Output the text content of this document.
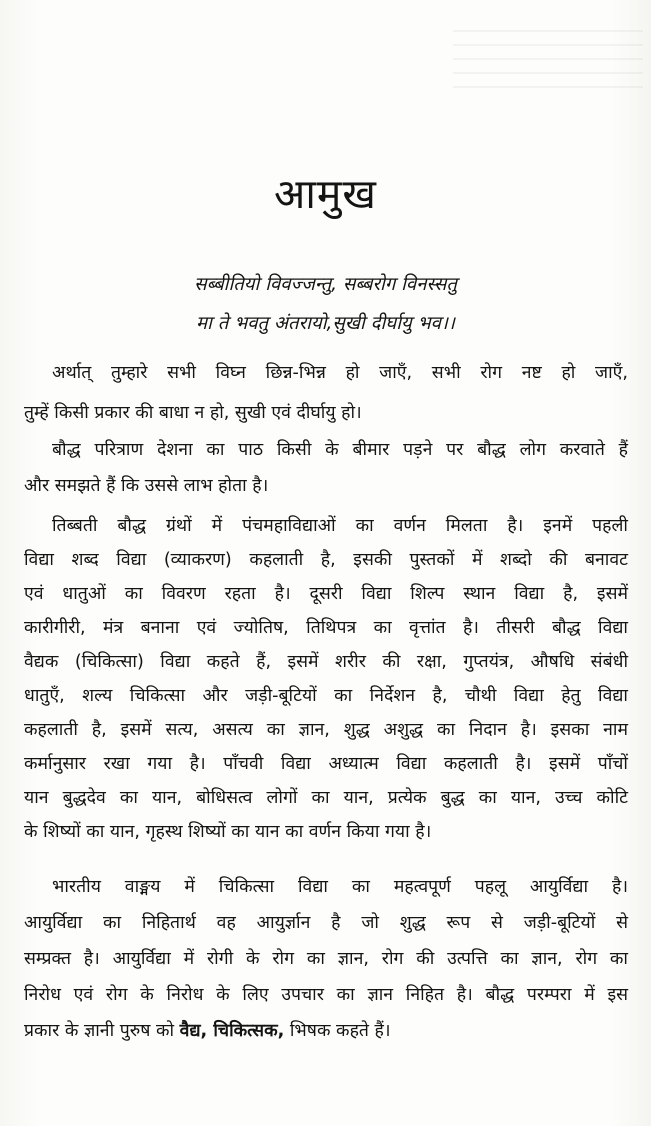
आमुख

सब्बीतियो विवज्जन्तु, सब्बरोग विनस्सतु

मा ते भवतु अंतरायो,सुखी दीर्घायु भव।।

अर्थात् तुम्हारे सभी विघ्न छिन्न-भिन्न हो जाएँ, सभी रोग नष्ट हो जाएँ,
तुम्हें किसी प्रकार की बाधा न हो, सुखी एवं दीर्घायु हो।

बौद्ध परित्राण देशना का पाठ किसी के बीमार पड़ने पर बौद्ध लोग करवाते हैं
और समझते हैं कि उससे लाभ होता है।

तिब्बती बौद्ध ग्रंथों में पंचमहाविद्याओं का वर्णन मिलता है। इनमें पहली
विद्या शब्द विद्या (व्याकरण) कहलाती है, इसकी पुस्तकों में शब्दो की बनावट
एवं धातुओं का विवरण रहता है। दूसरी विद्या शिल्प स्थान विद्या है, इसमें
कारीगीरी, मंत्र बनाना एवं ज्योतिष, तिथिपत्र का वृत्तांत है। तीसरी बौद्ध विद्या
वैद्यक (चिकित्सा) विद्या कहते हैं, इसमें शरीर की रक्षा, गुप्तयंत्र, औषधि संबंधी
धातुएँ, शल्य चिकित्सा और जड़ी-बूटियों का निर्देशन है, चौथी विद्या हेतु विद्या
कहलाती है, इसमें सत्य, असत्य का ज्ञान, शुद्ध अशुद्ध का निदान है। इसका नाम
कर्मानुसार रखा गया है। पाँचवी विद्या अध्यात्म विद्या कहलाती है। इसमें पाँचों
यान बुद्धदेव का यान, बोधिसत्व लोगों का यान, प्रत्येक बुद्ध का यान, उच्च कोटि
के शिष्यों का यान, गृहस्थ शिष्यों का यान का वर्णन किया गया है।

भारतीय वाङ्मय में चिकित्सा विद्या का महत्वपूर्ण पहलू आयुर्विद्या है।
आयुर्विद्या का निहितार्थ वह आयुर्ज्ञान है जो शुद्ध रूप से जड़ी-बूटियों से
सम्प्रक्त है। आयुर्विद्या में रोगी के रोग का ज्ञान, रोग की उत्पत्ति का ज्ञान, रोग का
निरोध एवं रोग के निरोध के लिए उपचार का ज्ञान निहित है। बौद्ध परम्परा में इस
प्रकार के ज्ञानी पुरुष को वैद्य, चिकित्सक, भिषक कहते हैं।
